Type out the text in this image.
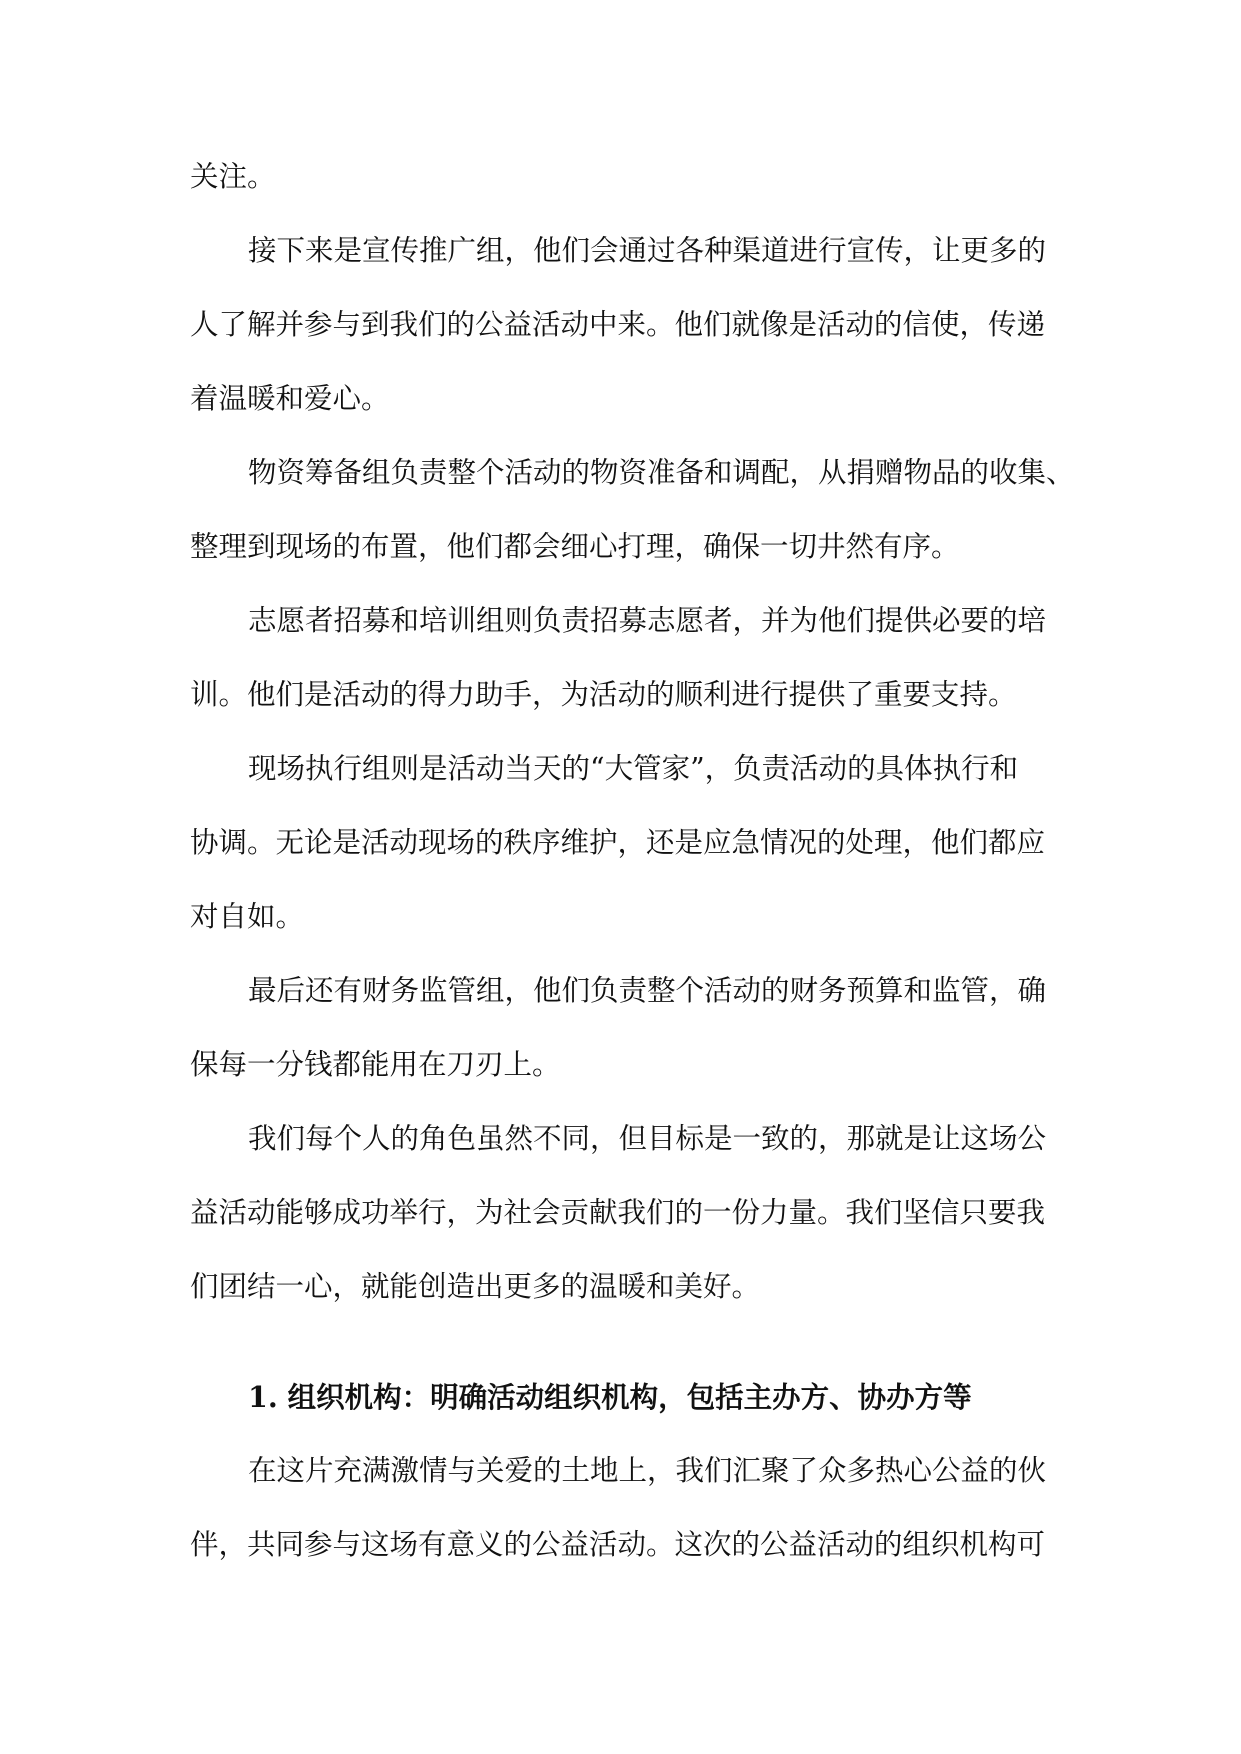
关注。
接下来是宣传推广组，他们会通过各种渠道进行宣传，让更多的
人了解并参与到我们的公益活动中来。他们就像是活动的信使，传递
着温暖和爱心。
物资筹备组负责整个活动的物资准备和调配，从捐赠物品的收集、
整理到现场的布置，他们都会细心打理，确保一切井然有序。
志愿者招募和培训组则负责招募志愿者，并为他们提供必要的培
训。他们是活动的得力助手，为活动的顺利进行提供了重要支持。
现场执行组则是活动当天的“大管家”，负责活动的具体执行和
协调。无论是活动现场的秩序维护，还是应急情况的处理，他们都应
对自如。
最后还有财务监管组，他们负责整个活动的财务预算和监管，确
保每一分钱都能用在刀刃上。
我们每个人的角色虽然不同，但目标是一致的，那就是让这场公
益活动能够成功举行，为社会贡献我们的一份力量。我们坚信只要我
们团结一心，就能创造出更多的温暖和美好。
1. 组织机构：明确活动组织机构，包括主办方、协办方等
在这片充满激情与关爱的土地上，我们汇聚了众多热心公益的伙
伴，共同参与这场有意义的公益活动。这次的公益活动的组织机构可
